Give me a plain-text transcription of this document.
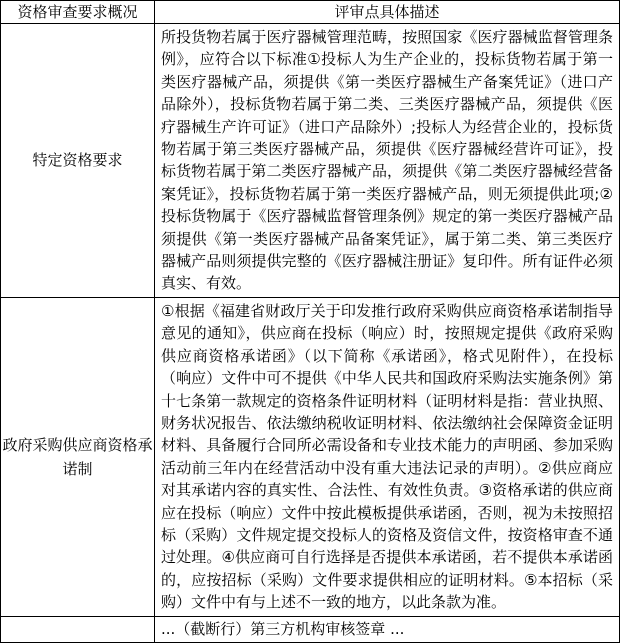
资格审查要求概况	评审点具体描述
特定资格要求	所投货物若属于医疗器械管理范畴，按照国家《医疗器械监督管理条例》，应符合以下标准①投标人为生产企业的，投标货物若属于第一类医疗器械产品，须提供《第一类医疗器械生产备案凭证》（进口产品除外），投标货物若属于第二类、三类医疗器械产品，须提供《医疗器械生产许可证》（进口产品除外）;投标人为经营企业的，投标货物若属于第三类医疗器械产品，须提供《医疗器械经营许可证》，投标货物若属于第二类医疗器械产品，须提供《第二类医疗器械经营备案凭证》，投标货物若属于第一类医疗器械产品，则无须提供此项;②投标货物属于《医疗器械监督管理条例》规定的第一类医疗器械产品须提供《第一类医疗器械产品备案凭证》，属于第二类、第三类医疗器械产品则须提供完整的《医疗器械注册证》复印件。所有证件必须真实、有效。

政府采购供应商资格承诺制	①根据《福建省财政厅关于印发推行政府采购供应商资格承诺制指导意见的通知》，供应商在投标（响应）时，按照规定提供《政府采购供应商资格承诺函》（以下简称《承诺函》，格式见附件），在投标（响应）文件中可不提供《中华人民共和国政府采购法实施条例》第十七条第一款规定的资格条件证明材料（证明材料是指：营业执照、财务状况报告、依法缴纳税收证明材料、依法缴纳社会保障资金证明材料、具备履行合同所必需设备和专业技术能力的声明函、参加采购活动前三年内在经营活动中没有重大违法记录的声明）。②供应商应对其承诺内容的真实性、合法性、有效性负责。③资格承诺的供应商应在投标（响应）文件中按此模板提供承诺函，否则，视为未按照招标（采购）文件规定提交投标人的资格及资信文件，按资格审查不通过处理。④供应商可自行选择是否提供本承诺函，若不提供本承诺函的，应按招标（采购）文件要求提供相应的证明材料。⑤本招标（采购）文件中有与上述不一致的地方，以此条款为准。

	...（截断行）第三方机构审核签章 ...
